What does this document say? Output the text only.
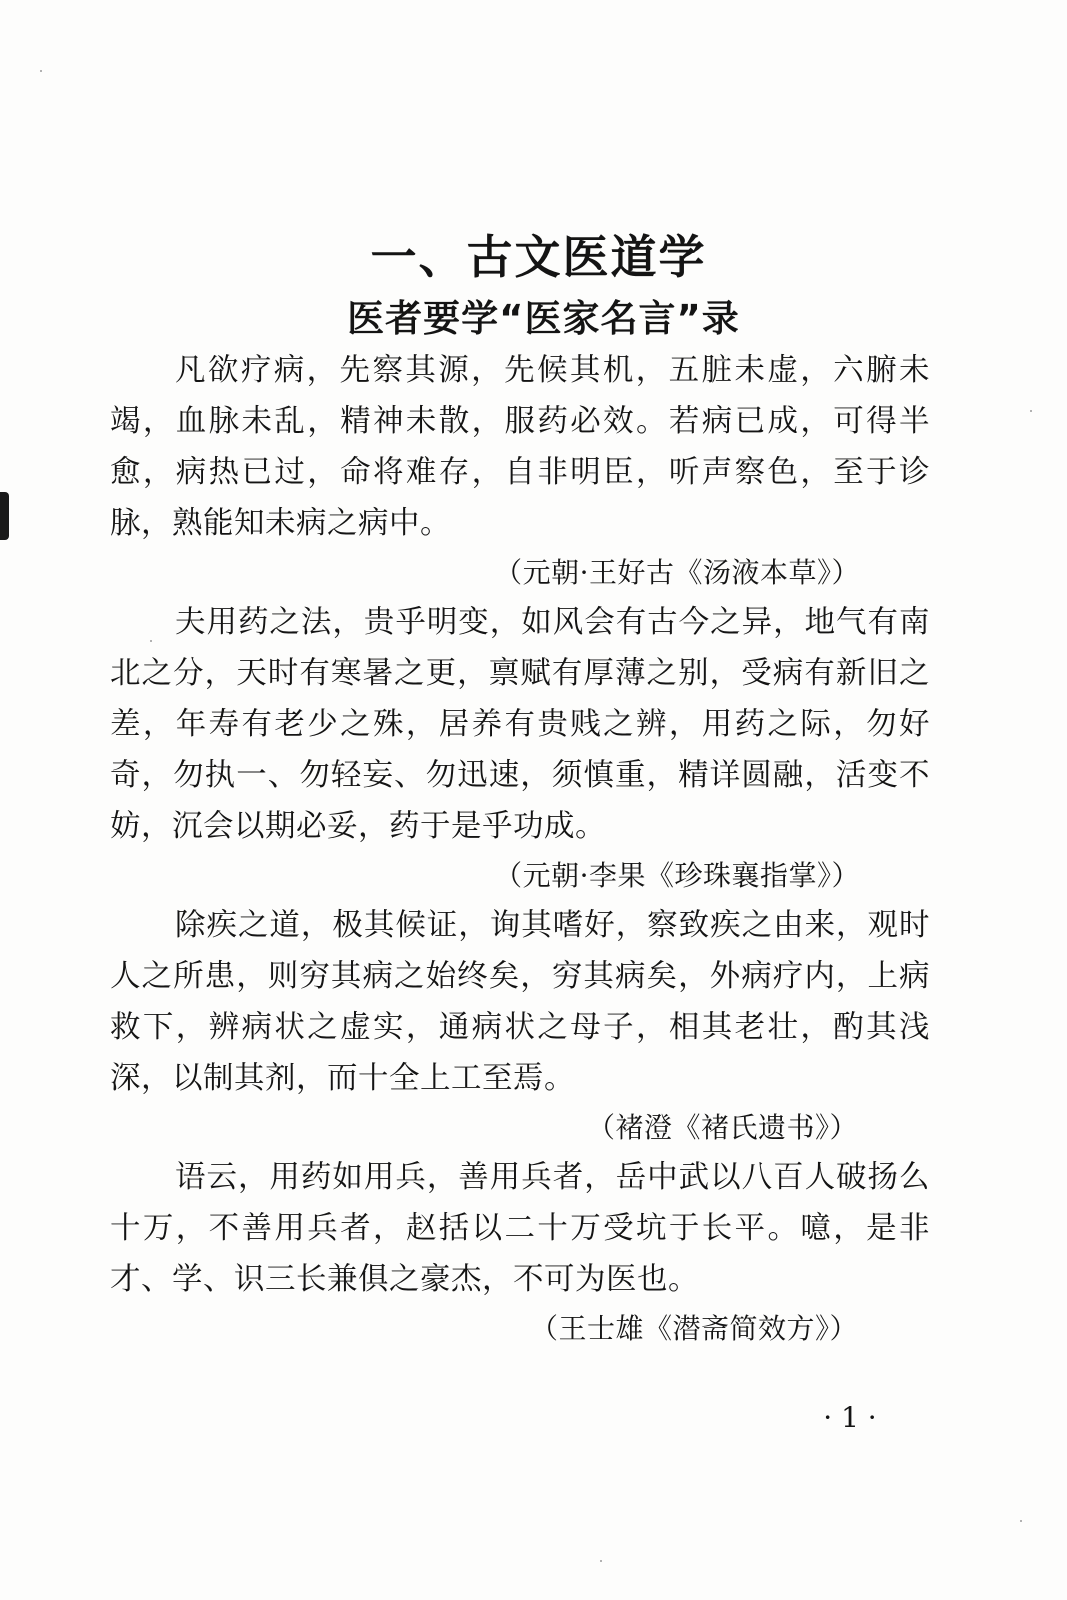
一、古文医道学
医者要学“医家名言”录

凡欲疗病，先察其源，先候其机，五脏未虚，六腑未竭，血脉未乱，精神未散，服药必效。若病已成，可得半愈，病热已过，命将难存，自非明臣，听声察色，至于诊脉，熟能知未病之病中。

（元朝·王好古《汤液本草》）

夫用药之法，贵乎明变，如风会有古今之异，地气有南北之分，天时有寒暑之更，禀赋有厚薄之别，受病有新旧之差，年寿有老少之殊，居养有贵贱之辨，用药之际，勿好奇，勿执一、勿轻妄、勿迅速，须慎重，精详圆融，活变不妨，沉会以期必妥，药于是乎功成。

（元朝·李果《珍珠襄指掌》）

除疾之道，极其候证，询其嗜好，察致疾之由来，观时人之所患，则穷其病之始终矣，穷其病矣，外病疗内，上病救下，辨病状之虚实，通病状之母子，相其老壮，酌其浅深，以制其剂，而十全上工至焉。

（褚澄《褚氏遗书》）

语云，用药如用兵，善用兵者，岳中武以八百人破扬么十万，不善用兵者，赵括以二十万受坑于长平。噫，是非才、学、识三长兼俱之豪杰，不可为医也。

（王士雄《潜斋简效方》）

· 1 ·
